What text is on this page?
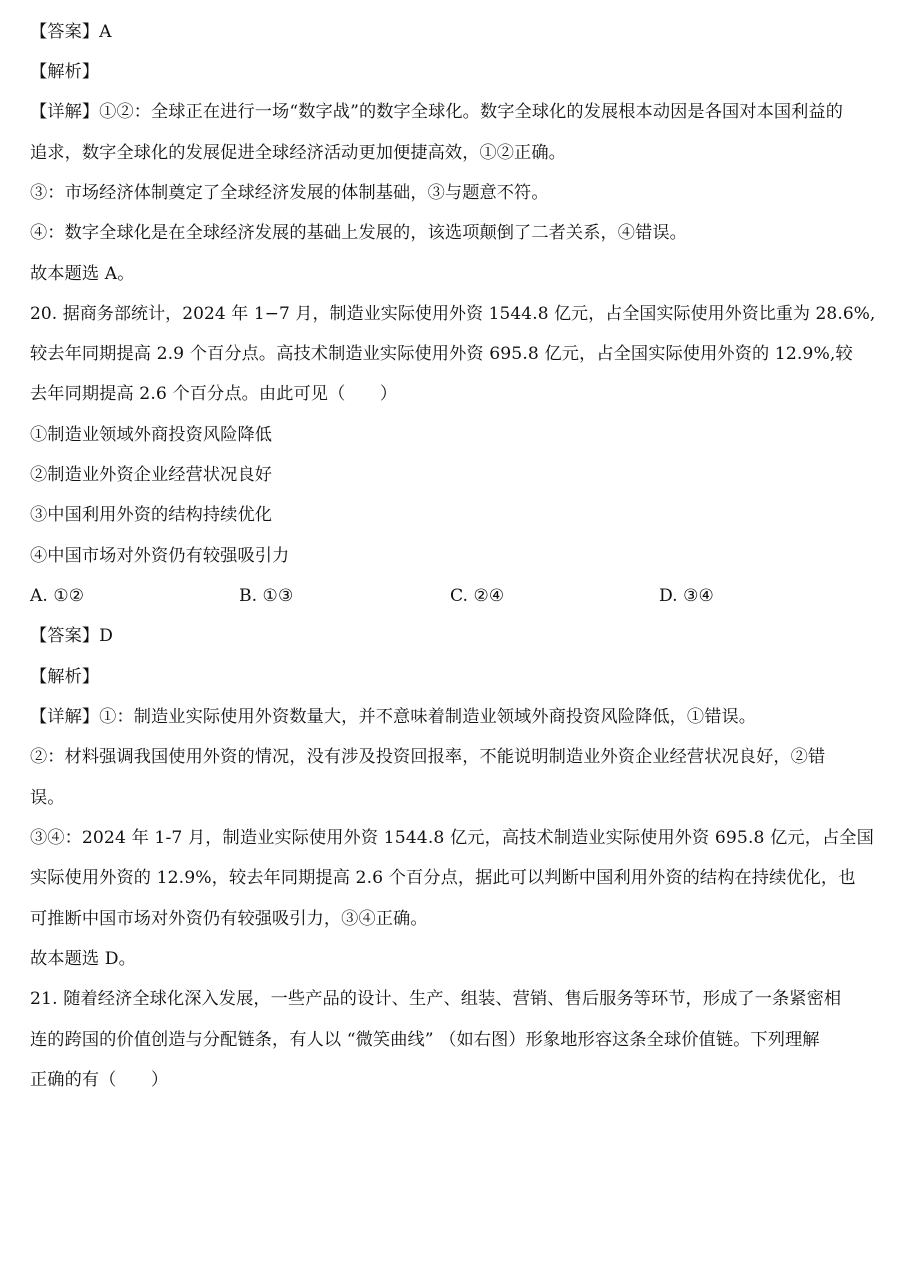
【答案】A
【解析】
【详解】①②：全球正在进行一场“数字战”的数字全球化。数字全球化的发展根本动因是各国对本国利益的
追求，数字全球化的发展促进全球经济活动更加便捷高效，①②正确。
③：市场经济体制奠定了全球经济发展的体制基础，③与题意不符。
④：数字全球化是在全球经济发展的基础上发展的，该选项颠倒了二者关系，④错误。
故本题选 A。
20. 据商务部统计，2024 年 1−7 月，制造业实际使用外资 1544.8 亿元，占全国实际使用外资比重为 28.6%,
较去年同期提高 2.9 个百分点。高技术制造业实际使用外资 695.8 亿元，占全国实际使用外资的 12.9%,较
去年同期提高 2.6 个百分点。由此可见（　　）
①制造业领域外商投资风险降低
②制造业外资企业经营状况良好
③中国利用外资的结构持续优化
④中国市场对外资仍有较强吸引力
A. ①②	B. ①③	C. ②④	D. ③④
【答案】D
【解析】
【详解】①：制造业实际使用外资数量大，并不意味着制造业领域外商投资风险降低，①错误。
②：材料强调我国使用外资的情况，没有涉及投资回报率，不能说明制造业外资企业经营状况良好，②错
误。
③④：2024 年 1-7 月，制造业实际使用外资 1544.8 亿元，高技术制造业实际使用外资 695.8 亿元，占全国
实际使用外资的 12.9%，较去年同期提高 2.6 个百分点，据此可以判断中国利用外资的结构在持续优化，也
可推断中国市场对外资仍有较强吸引力，③④正确。
故本题选 D。
21. 随着经济全球化深入发展，一些产品的设计、生产、组装、营销、售后服务等环节，形成了一条紧密相
连的跨国的价值创造与分配链条，有人以 “微笑曲线” （如右图）形象地形容这条全球价值链。下列理解
正确的有（　　）
